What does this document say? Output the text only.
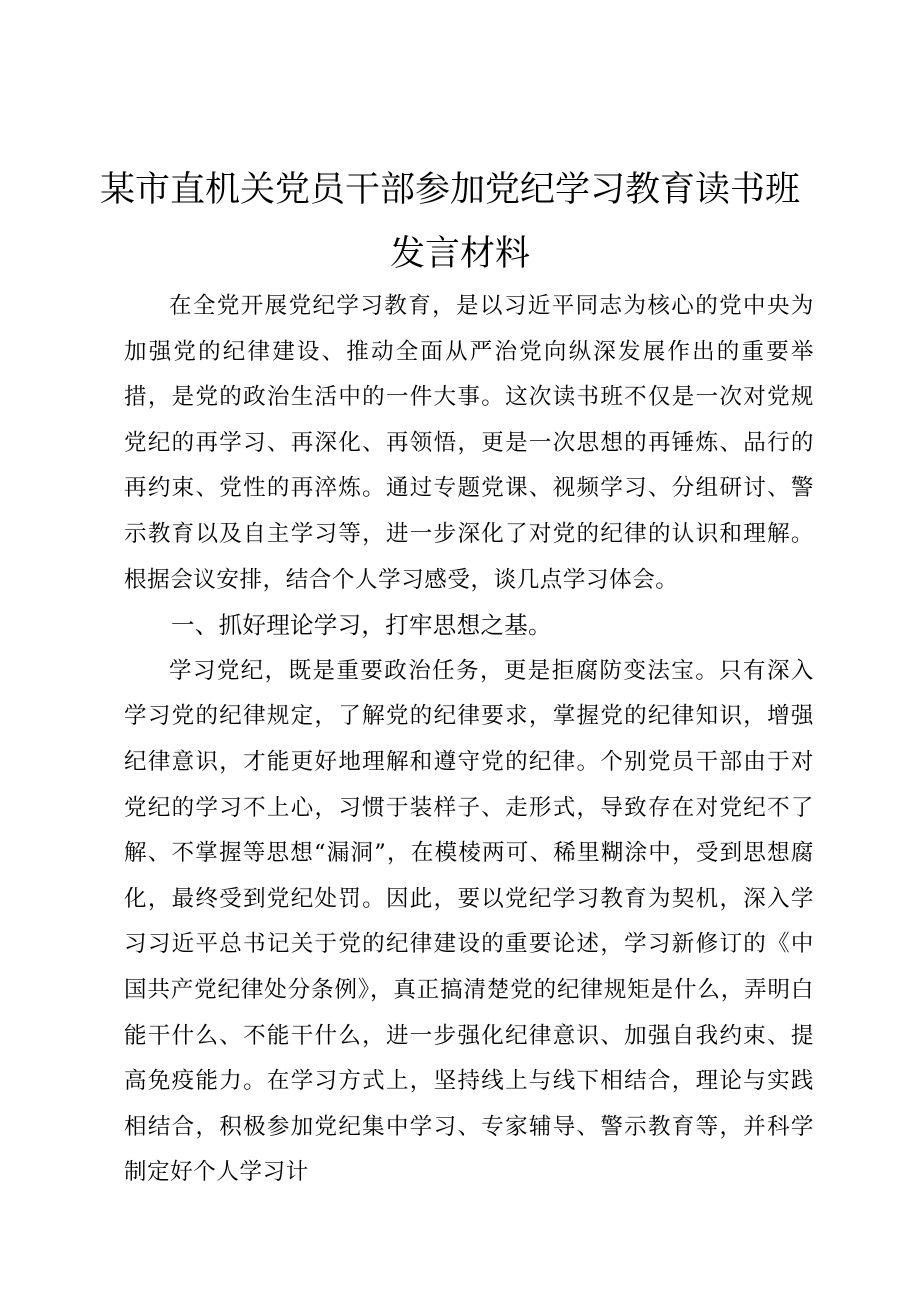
某市直机关党员干部参加党纪学习教育读书班
发言材料

在全党开展党纪学习教育，是以习近平同志为核心的党中央为加强党的纪律建设、推动全面从严治党向纵深发展作出的重要举措，是党的政治生活中的一件大事。这次读书班不仅是一次对党规党纪的再学习、再深化、再领悟，更是一次思想的再锤炼、品行的再约束、党性的再淬炼。通过专题党课、视频学习、分组研讨、警示教育以及自主学习等，进一步深化了对党的纪律的认识和理解。根据会议安排，结合个人学习感受，谈几点学习体会。

一、抓好理论学习，打牢思想之基。

学习党纪，既是重要政治任务，更是拒腐防变法宝。只有深入学习党的纪律规定，了解党的纪律要求，掌握党的纪律知识，增强纪律意识，才能更好地理解和遵守党的纪律。个别党员干部由于对党纪的学习不上心，习惯于装样子、走形式，导致存在对党纪不了解、不掌握等思想“漏洞”，在模棱两可、稀里糊涂中，受到思想腐化，最终受到党纪处罚。因此，要以党纪学习教育为契机，深入学习习近平总书记关于党的纪律建设的重要论述，学习新修订的《中国共产党纪律处分条例》，真正搞清楚党的纪律规矩是什么，弄明白能干什么、不能干什么，进一步强化纪律意识、加强自我约束、提高免疫能力。在学习方式上，坚持线上与线下相结合，理论与实践相结合，积极参加党纪集中学习、专家辅导、警示教育等，并科学制定好个人学习计
